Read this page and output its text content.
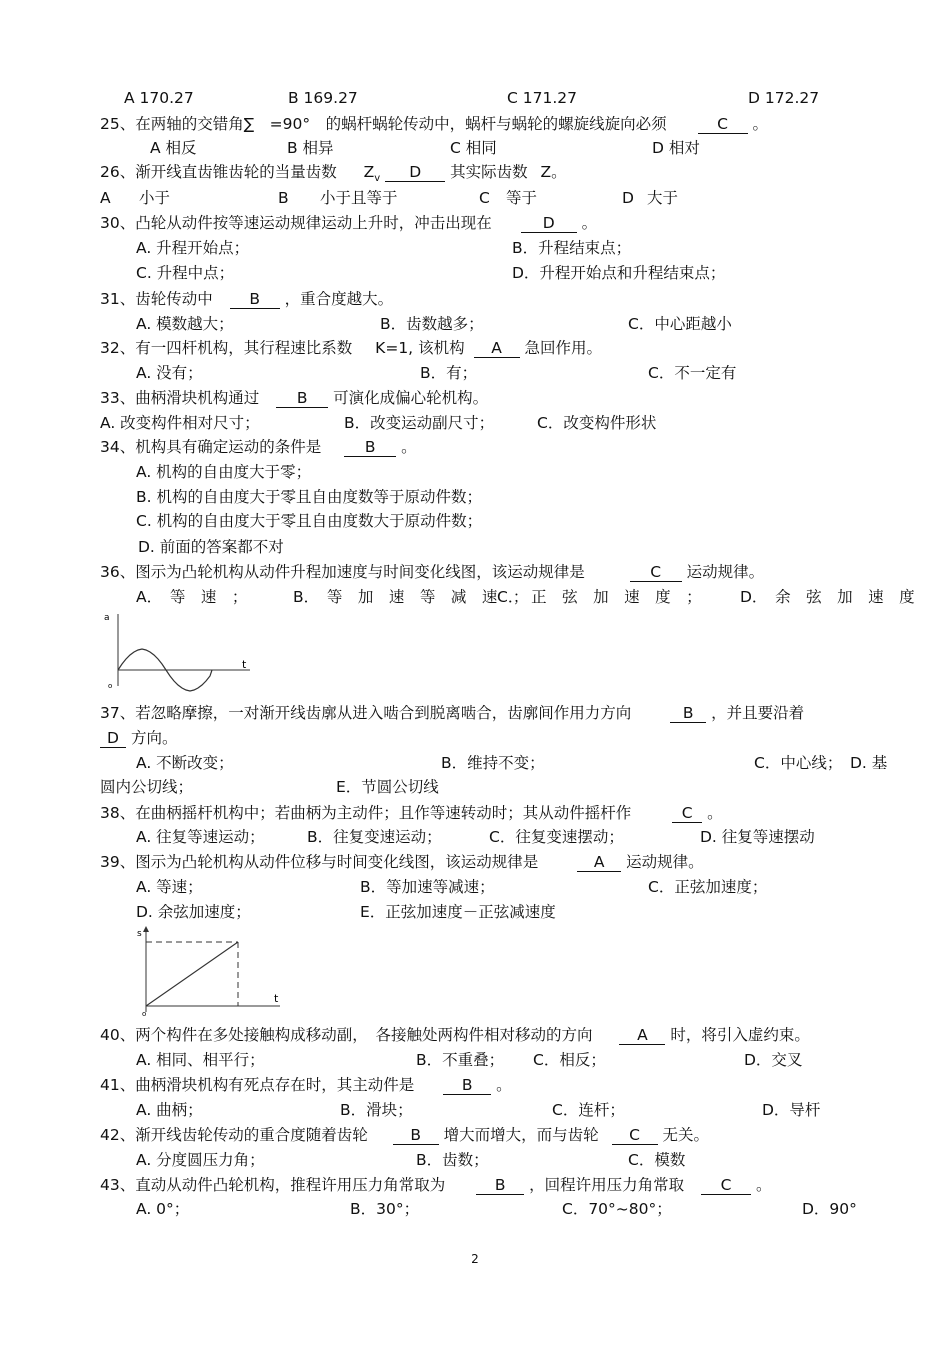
A 170.27	B 169.27	C 171.27	D 172.27
25、在两轴的交错角∑　=90°　的蜗杆蜗轮传动中，蜗杆与蜗轮的螺旋线旋向必须	C 。
A 相反	B 相异	C 相同	D 相对
26、渐开线直齿锥齿轮的当量齿数 $Z_v$ D 其实际齿数 Z。
A 小于	B 小于且等于	C 等于	D 大于
30、凸轮从动件按等速运动规律运动上升时，冲击出现在	D 。
A. 升程开始点；	B．升程结束点；
C. 升程中点；	D．升程开始点和升程结束点；
31、齿轮传动中 B ，重合度越大。
A. 模数越大；	B．齿数越多；	C．中心距越小
32、有一四杆机构，其行程速比系数 K=1, 该机构 A 急回作用。
A. 没有；	B．有；	C．不一定有
33、曲柄滑块机构通过 B 可演化成偏心轮机构。
A. 改变构件相对尺寸；	B．改变运动副尺寸；	C．改变构件形状
34、机构具有确定运动的条件是	B 。
A. 机构的自由度大于零；
B. 机构的自由度大于零且自由度数等于原动件数；
C. 机构的自由度大于零且自由度数大于原动件数；
D. 前面的答案都不对
36、图示为凸轮机构从动件升程加速度与时间变化线图，该运动规律是	C 运动规律。
A．　等　速　；	B．　等　加　速　等　减　速　；
C．　正　弦　加　速　度　； D．　余　弦　加　速　度
a
t
o
37、若忽略摩擦，一对渐开线齿廓从进入啮合到脱离啮合，齿廓间作用力方向	B ，并且要沿着
D 方向。
A. 不断改变；	B．维持不变；	C．中心线； D. 基
圆内公切线；	E．节圆公切线
38、在曲柄摇杆机构中；若曲柄为主动件；且作等速转动时；其从动件摇杆作	C 。
A. 往复等速运动；	B．往复变速运动；	C．往复变速摆动；	D. 往复等速摆动
39、图示为凸轮机构从动件位移与时间变化线图，该运动规律是	A 运动规律。
A. 等速；	B．等加速等减速；	C．正弦加速度；
D. 余弦加速度；	E．正弦加速度－正弦减速度
s
t
o
40、两个构件在多处接触构成移动副，　各接触处两构件相对移动的方向	A 时，将引入虚约束。
A. 相同、相平行；	B．不重叠； C．相反；	D．交叉
41、曲柄滑块机构有死点存在时，其主动件是	B 。
A. 曲柄；	B．滑块；	C．连杆；	D．导杆
42、渐开线齿轮传动的重合度随着齿轮	B 增大而增大，而与齿轮 C 无关。
A. 分度圆压力角；	B．齿数；	C．模数
43、直动从动件凸轮机构，推程许用压力角常取为	B ，回程许用压力角常取 C 。
A. 0°；	B．30°；	C．70°~80°；	D．90°
2
